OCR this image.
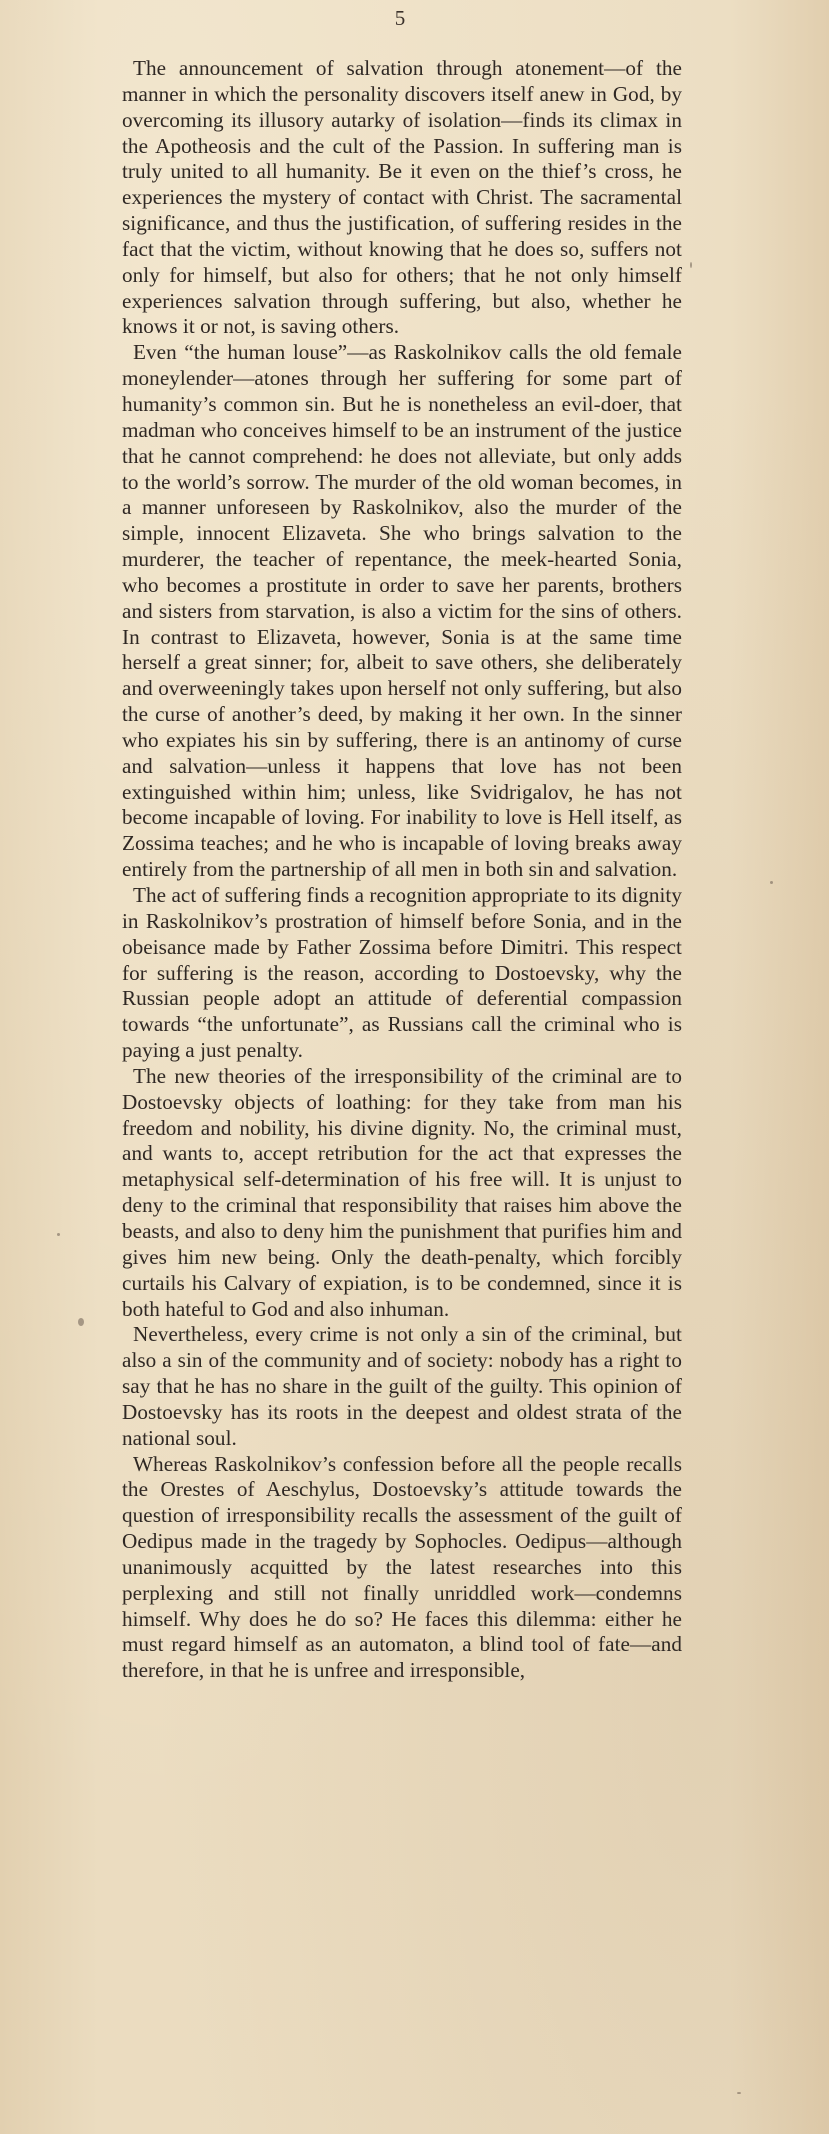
5

The announcement of salvation through atonement—of the manner in which the personality discovers itself anew in God, by overcoming its illusory autarky of isolation—finds its climax in the Apotheosis and the cult of the Passion. In suffering man is truly united to all humanity. Be it even on the thief’s cross, he experiences the mystery of contact with Christ. The sacramental significance, and thus the justification, of suffering resides in the fact that the victim, without knowing that he does so, suffers not only for himself, but also for others; that he not only himself experiences salvation through suffering, but also, whether he knows it or not, is saving others.

Even “the human louse”—as Raskolnikov calls the old female moneylender—atones through her suffering for some part of humanity’s common sin. But he is nonetheless an evil-doer, that madman who conceives himself to be an instrument of the justice that he cannot comprehend: he does not alleviate, but only adds to the world’s sorrow. The murder of the old woman becomes, in a manner unforeseen by Raskolnikov, also the murder of the simple, innocent Elizaveta. She who brings salvation to the murderer, the teacher of repentance, the meek-hearted Sonia, who becomes a prostitute in order to save her parents, brothers and sisters from starvation, is also a victim for the sins of others. In contrast to Elizaveta, however, Sonia is at the same time herself a great sinner; for, albeit to save others, she deliberately and overweeningly takes upon herself not only suffering, but also the curse of another’s deed, by making it her own. In the sinner who expiates his sin by suffering, there is an antinomy of curse and salvation—unless it happens that love has not been extinguished within him; unless, like Svidrigalov, he has not become incapable of loving. For inability to love is Hell itself, as Zossima teaches; and he who is incapable of loving breaks away entirely from the partnership of all men in both sin and salvation.

The act of suffering finds a recognition appropriate to its dignity in Raskolnikov’s prostration of himself before Sonia, and in the obeisance made by Father Zossima before Dimitri. This respect for suffering is the reason, according to Dostoevsky, why the Russian people adopt an attitude of deferential compassion towards “the unfortunate”, as Russians call the criminal who is paying a just penalty.

The new theories of the irresponsibility of the criminal are to Dostoevsky objects of loathing: for they take from man his freedom and nobility, his divine dignity. No, the criminal must, and wants to, accept retribution for the act that expresses the metaphysical self-determination of his free will. It is unjust to deny to the criminal that responsibility that raises him above the beasts, and also to deny him the punishment that purifies him and gives him new being. Only the death-penalty, which forcibly curtails his Calvary of expiation, is to be condemned, since it is both hateful to God and also inhuman.

Nevertheless, every crime is not only a sin of the criminal, but also a sin of the community and of society: nobody has a right to say that he has no share in the guilt of the guilty. This opinion of Dostoevsky has its roots in the deepest and oldest strata of the national soul.

Whereas Raskolnikov’s confession before all the people recalls the Orestes of Aeschylus, Dostoevsky’s attitude towards the question of irresponsibility recalls the assessment of the guilt of Oedipus made in the tragedy by Sophocles. Oedipus—although unanimously acquitted by the latest researches into this perplexing and still not finally unriddled work—condemns himself. Why does he do so? He faces this dilemma: either he must regard himself as an automaton, a blind tool of fate—and therefore, in that he is unfree and irresponsible,
